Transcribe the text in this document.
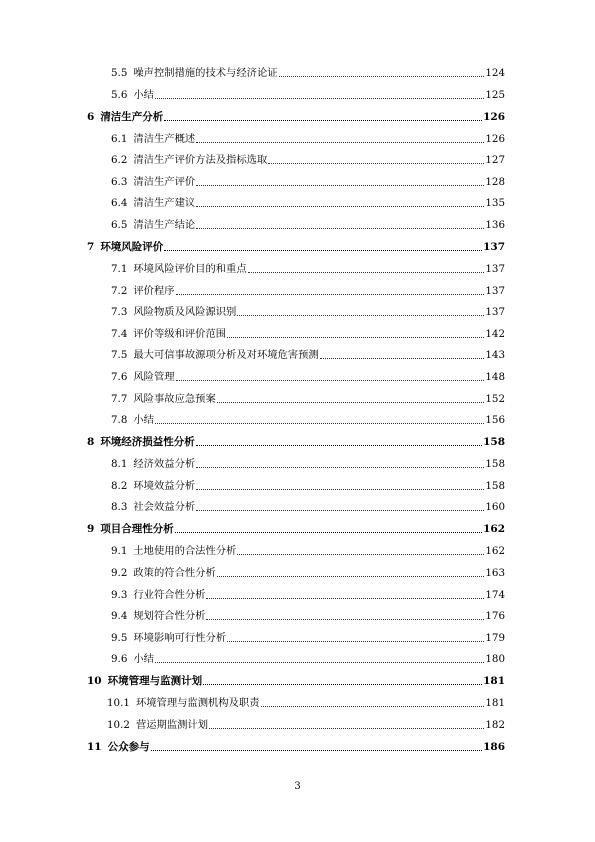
5.5 噪声控制措施的技术与经济论证	124
5.6 小结	125
6 清洁生产分析	126
6.1 清洁生产概述	126
6.2 清洁生产评价方法及指标选取	127
6.3 清洁生产评价	128
6.4 清洁生产建议	135
6.5 清洁生产结论	136
7 环境风险评价	137
7.1 环境风险评价目的和重点	137
7.2 评价程序	137
7.3 风险物质及风险源识别	137
7.4 评价等级和评价范围	142
7.5 最大可信事故源项分析及对环境危害预测	143
7.6 风险管理	148
7.7 风险事故应急预案	152
7.8 小结	156
8 环境经济损益性分析	158
8.1 经济效益分析	158
8.2 环境效益分析	158
8.3 社会效益分析	160
9 项目合理性分析	162
9.1 土地使用的合法性分析	162
9.2 政策的符合性分析	163
9.3 行业符合性分析	174
9.4 规划符合性分析	176
9.5 环境影响可行性分析	179
9.6 小结	180
10 环境管理与监测计划	181
10.1 环境管理与监测机构及职责	181
10.2 营运期监测计划	182
11 公众参与	186
3
